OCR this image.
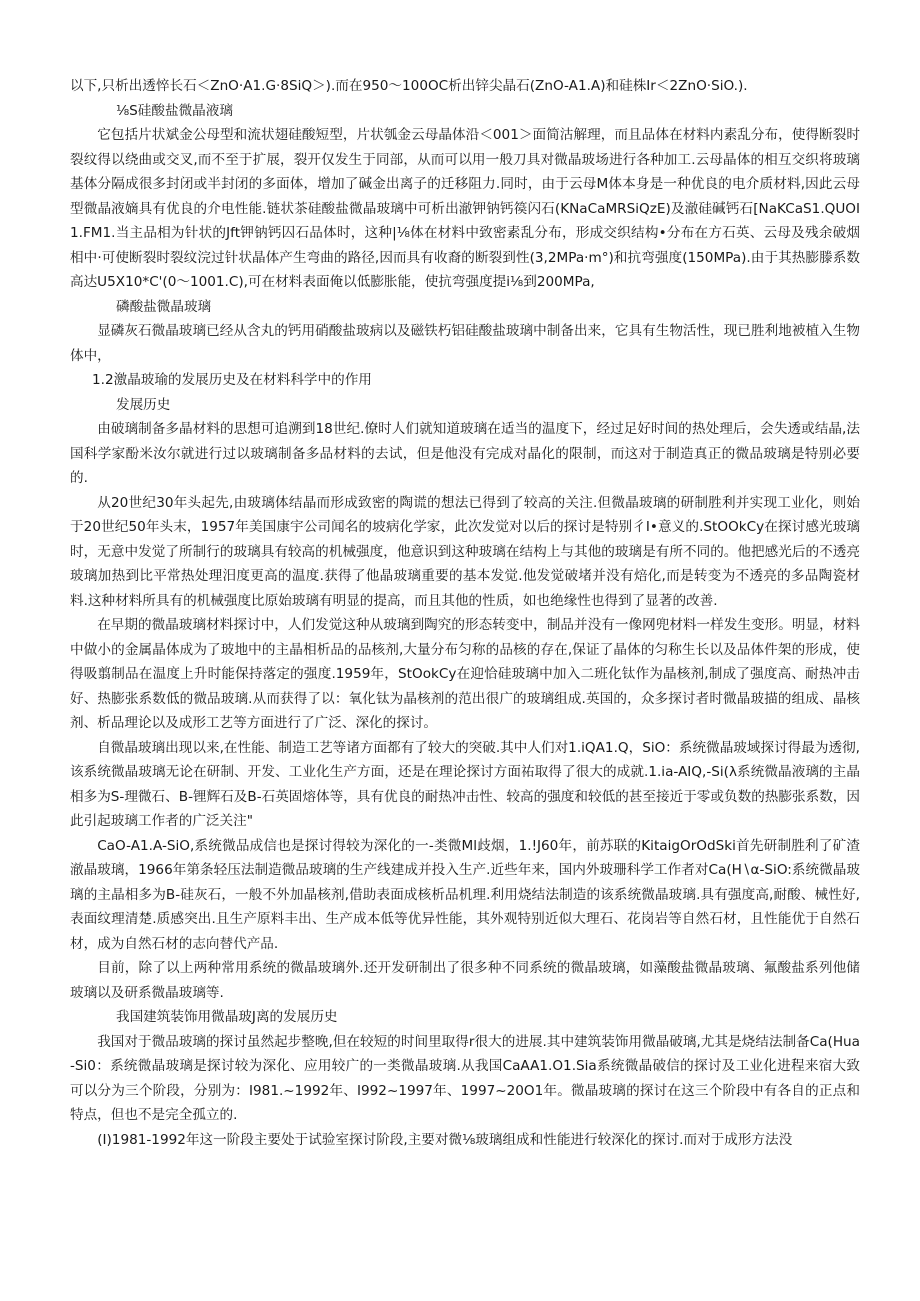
以下,只析出透悴长石＜ZnO·A1.G·8SiQ＞).而在950～100OC析出锌尖晶石(ZnO-A1.A)和硅株Ir＜2ZnO·SiO.).

⅛S硅酸盐微晶液璃

它包括片状斌金公母型和流状翅硅酸短型，片状瓠金云母晶体沿＜001＞面简沽解理，而且品体在材料内素乱分布，使得断裂时裂纹得以绕曲或交叉,而不至于扩展，裂开仅发生于同部，从而可以用一般刀具对微晶玻场进行各种加工.云母晶体的相互交织将玻璃基体分隔成很多封闭或半封闭的多面体，增加了碱金出离子的迁移阻力.同时，由于云母M体本身是一种优良的电介质材料,因此云母型微晶液嫡具有优良的介电性能.链状茶硅酸盐微晶玻璃中可析出澈钾钠钙篌闪石(KNaCaMRSiQzE)及澈硅碱钙石[NaKCaS1.QUOI1.FM1.当主品相为针状的Jft钾钠钙囚石品体时，这种|⅛体在材料中致密素乱分布，形成交织结构•分布在方石英、云母及残余破烟相中·可使断裂时裂纹浣过针状晶体产生弯曲的路径,因而具有收裔的断裂到性(3,2MPa·m°)和抗弯强度(150MPa).由于其热膨滕系数高达U5X10*C'(0～1001.C),可在材料表面俺以低膨胀能，使抗弯强度提i⅛到200MPa,

磷酸盐微晶玻璃

显磷灰石微晶玻璃已经从含丸的钙用硝酸盐玻病以及磁铁朽铝硅酸盐玻璃中制备出来，它具有生物活性，现已胜利地被植入生物体中，

1.2激晶玻瑜的发展历史及在材料科学中的作用

发展历史

由破璃制备多晶材料的思想可追溯到18世纪.僚时人们就知道玻璃在适当的温度下，经过足好时间的热处理后，会失透或结晶,法国科学家酚米汝尔就进行过以玻璃制备多品材料的去试，但是他没有完成对晶化的限制，而这对于制造真正的微品玻璃是特别必要的.

从20世纪30年头起先,由玻璃体结晶而形成致密的陶谎的想法已得到了较高的关注.但微晶玻璃的研制胜利并实现工业化，则始于20世纪50年头末，1957年美国康宇公司闻名的坡病化学家，此次发觉对以后的探讨是特别彳I•意义的.StOOkCy在探讨感光玻璃时，无意中发觉了所制行的玻璃具有较高的机械强度，他意识到这种玻璃在结构上与其他的玻璃是有所不同的。他把感光后的不透亮玻璃加热到比平常热处理汨度更高的温度.获得了他晶玻璃重要的基本发觉.他发觉破堵并没有焙化,而是转变为不透亮的多品陶瓷材料.这种材料所具有的机械强度比原始玻璃有明显的提高，而且其他的性质，如也绝缘性也得到了显著的改善.

在早期的微晶玻璃材料探讨中，人们发觉这种从玻璃到陶究的形态转变中，制品并没有一像网兜材料一样发生变形。明显，材料中做小的金属晶体成为了玻地中的主晶相析品的品核剂,大量分布匀称的品核的存在,保证了晶体的匀称生长以及品体件架的形成，使得吸翦制品在温度上升时能保持落定的强度.1959年，StOokCy在迎恰硅玻璃中加入二班化钛作为晶核剂,制成了强度高、耐热冲击好、热膨张系数低的微品玻璃.从而获得了以：氧化钛为晶核剂的范出很广的玻璃组成.英国的，众多探讨者时微晶玻描的组成、晶核剂、析品理论以及成形工艺等方面进行了广泛、深化的探讨。

自微晶玻璃出现以来,在性能、制造工艺等诸方面都有了较大的突破.其中人们对1.iQA1.Q，SiO：系统微晶玻域探讨得最为透彻,该系统微晶玻璃无论在研制、开发、工业化生产方面，还是在理论探讨方面祐取得了很大的成就.1.ia-AIQ,-Si(λ系统微晶液璃的主晶相多为S-理微石、B-锂辉石及B-石英固熔体等，具有优良的耐热冲击性、较高的强度和较低的甚至接近于零或负数的热膨张系数，因此引起玻璃工作者的广泛关注"

CaO-A1.A-SiO,系统微品成信也是探讨得较为深化的一-类微Ml歧烟，1.!J60年，前苏联的KitaigOrOdSki首先研制胜利了矿渣澈晶玻璃，1966年第条轻压法制造微品玻璃的生产线建成并投入生产.近些年来，国内外玻珊科学工作者对Ca(H∖α-SiO:系统微晶玻璃的主晶相多为B-硅灰石，一般不外加晶核剂,借助表面成核析品机理.利用烧结法制造的该系统微晶玻璃.具有强度高,耐酸、械性好,表面纹理清楚.质感突出.且生产原料丰出、生产成本低等优异性能，其外观特别近似大理石、花岗岩等自然石材，且性能优于自然石材，成为自然石材的志向替代产品.

目前，除了以上两种常用系统的微晶玻璃外.还开发研制出了很多种不同系统的微晶玻璃，如藻酸盐微晶玻璃、氟酸盐系列他储玻璃以及研系微晶玻璃等.

我国建筑装饰用微晶玻J离的发展历史

我国对于微品玻璃的探讨虽然起步整晚,但在较短的时间里取得r很大的进展.其中建筑装饰用微晶破璃,尤其是烧结法制备Ca(Hua-Si0：系统微晶玻璃是探讨较为深化、应用较广的一类微晶玻璃.从我国CaAA1.O1.Sia系统微晶破信的探讨及工业化进程来宿大致可以分为三个阶段，分别为：I981.~1992年、I992~1997年、1997~20O1年。微晶玻璃的探讨在这三个阶段中有各自的正点和特点，但也不是完全孤立的.

(I)1981-1992年这一阶段主要处于试验室探讨阶段,主要对微⅛玻璃组成和性能进行较深化的探讨.而对于成形方法没
